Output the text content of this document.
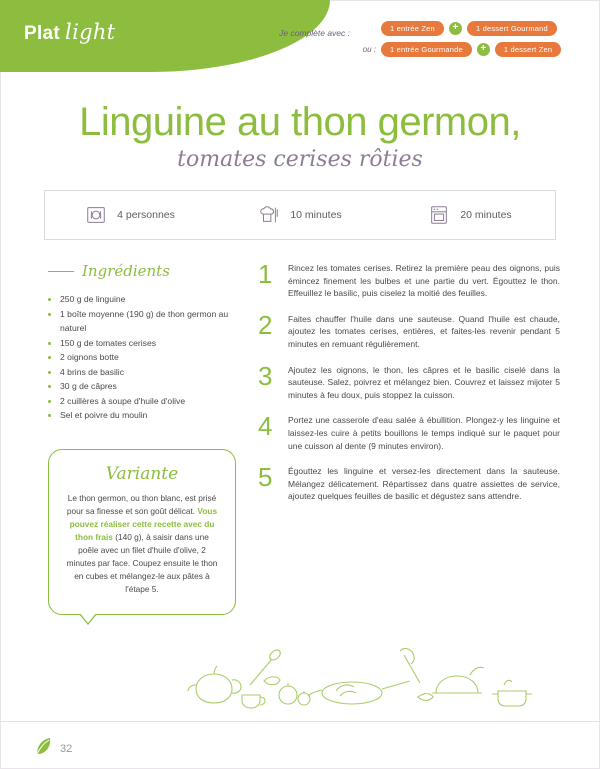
Plat light	Je complète avec :	1 entrée Zen	+	1 dessert Gourmand
ou :	1 entrée Gourmande	+	1 dessert Zen
Linguine au thon germon,
tomates cerises rôties
4 personnes	10 minutes	20 minutes
Ingrédients
250 g de linguine
1 boîte moyenne (190 g) de thon germon au naturel
150 g de tomates cerises
2 oignons botte
4 brins de basilic
30 g de câpres
2 cuillères à soupe d'huile d'olive
Sel et poivre du moulin
Variante
Le thon germon, ou thon blanc, est prisé pour sa finesse et son goût délicat. Vous pouvez réaliser cette recette avec du thon frais (140 g), à saisir dans une poêle avec un filet d'huile d'olive, 2 minutes par face. Coupez ensuite le thon en cubes et mélangez-le aux pâtes à l'étape 5.
1	Rincez les tomates cerises. Retirez la première peau des oignons, puis émincez finement les bulbes et une partie du vert. Égouttez le thon. Effeuillez le basilic, puis ciselez la moitié des feuilles.
2	Faites chauffer l'huile dans une sauteuse. Quand l'huile est chaude, ajoutez les tomates cerises, entières, et faites-les revenir pendant 5 minutes en remuant régulièrement.
3	Ajoutez les oignons, le thon, les câpres et le basilic ciselé dans la sauteuse. Salez, poivrez et mélangez bien. Couvrez et laissez mijoter 5 minutes à feu doux, puis stoppez la cuisson.
4	Portez une casserole d'eau salée à ébullition. Plongez-y les linguine et laissez-les cuire à petits bouillons le temps indiqué sur le paquet pour une cuisson al dente (9 minutes environ).
5	Égouttez les linguine et versez-les directement dans la sauteuse. Mélangez délicatement. Répartissez dans quatre assiettes de service, ajoutez quelques feuilles de basilic et dégustez sans attendre.
32
